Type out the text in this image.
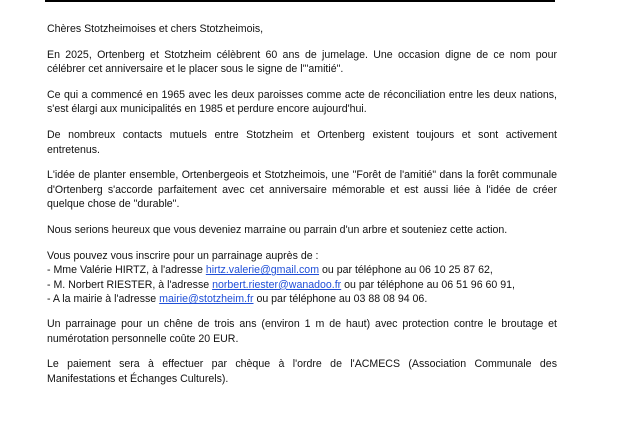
Chères Stotzheimoises et chers Stotzheimois,

En 2025, Ortenberg et Stotzheim célèbrent 60 ans de jumelage. Une occasion digne de ce nom pour célébrer cet anniversaire et le placer sous le signe de l'"amitié".

Ce qui a commencé en 1965 avec les deux paroisses comme acte de réconciliation entre les deux nations, s'est élargi aux municipalités en 1985 et perdure encore aujourd'hui.

De nombreux contacts mutuels entre Stotzheim et Ortenberg existent toujours et sont activement entretenus.

L'idée de planter ensemble, Ortenbergeois et Stotzheimois, une "Forêt de l'amitié" dans la forêt communale d'Ortenberg s'accorde parfaitement avec cet anniversaire mémorable et est aussi liée à l'idée de créer quelque chose de "durable".

Nous serions heureux que vous deveniez marraine ou parrain d'un arbre et souteniez cette action.

Vous pouvez vous inscrire pour un parrainage auprès de :
- Mme Valérie HIRTZ, à l'adresse hirtz.valerie@gmail.com ou par téléphone au 06 10 25 87 62,
- M. Norbert RIESTER, à l'adresse norbert.riester@wanadoo.fr ou par téléphone au 06 51 96 60 91,
- A la mairie à l'adresse mairie@stotzheim.fr ou par téléphone au 03 88 08 94 06.

Un parrainage pour un chêne de trois ans (environ 1 m de haut) avec protection contre le broutage et numérotation personnelle coûte 20 EUR.

Le paiement sera à effectuer par chèque à l'ordre de l'ACMECS (Association Communale des Manifestations et Échanges Culturels).
